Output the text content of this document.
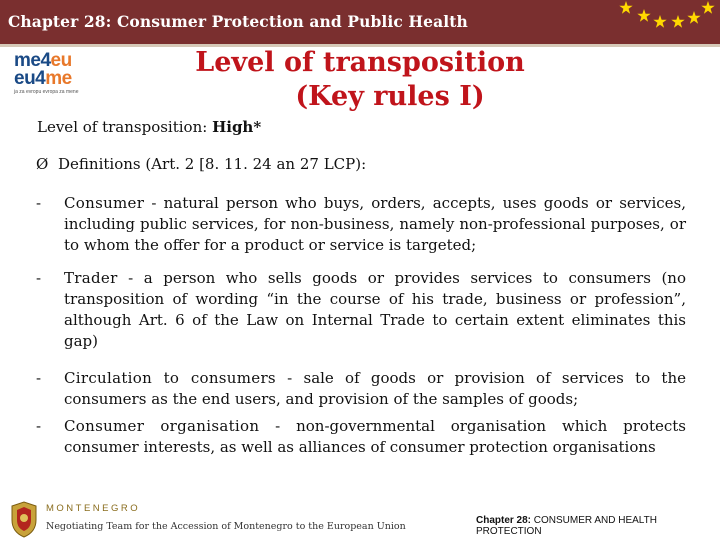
Chapter 28: Consumer Protection and Public Health
me4eu
eu4me
ja za evropu evropa za mene
Level of transposition
(Key rules I)
Level of transposition: High*
Ø Definitions (Art. 2 [8. 11. 24 an 27 LCP):
- Consumer - natural person who buys, orders, accepts, uses goods or services, including public services, for non-business, namely non-professional purposes, or to whom the offer for a product or service is targeted;
- Trader - a person who sells goods or provides services to consumers (no transposition of wording “in the course of his trade, business or profession”, although Art. 6 of the Law on Internal Trade to certain extent eliminates this gap)
- Circulation to consumers - sale of goods or provision of services to the consumers as the end users, and provision of the samples of goods;
- Consumer organisation - non-governmental organisation which protects consumer interests, as well as alliances of consumer protection organisations
MONTENEGRO
Negotiating Team for the Accession of Montenegro to the European Union
Chapter 28: CONSUMER AND HEALTH PROTECTION
